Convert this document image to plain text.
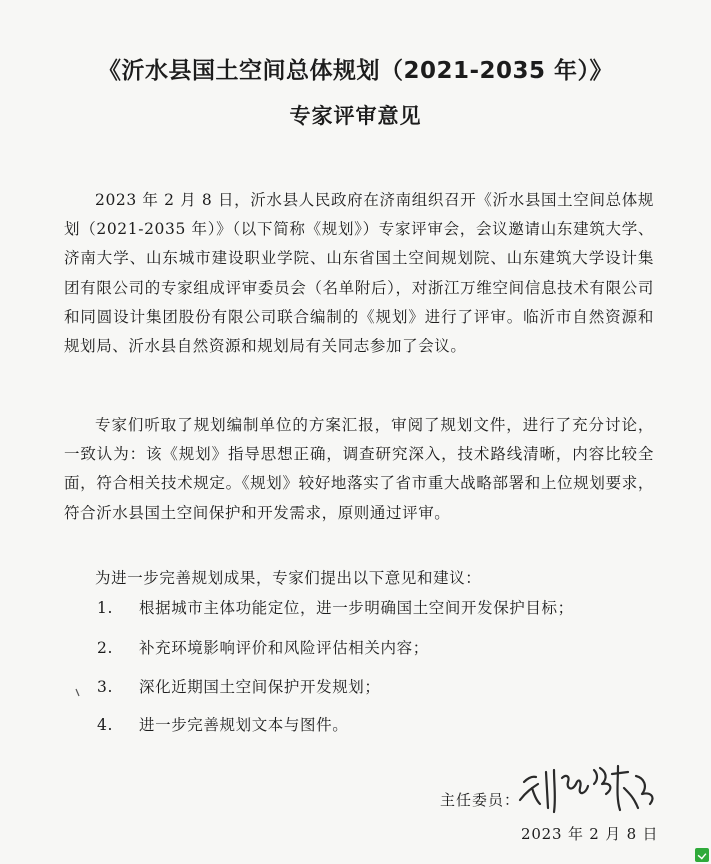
《沂水县国土空间总体规划（2021-2035 年）》
专家评审意见
2023 年 2 月 8 日，沂水县人民政府在济南组织召开《沂水县国土空间总体规划（2021-2035 年）》（以下简称《规划》）专家评审会，会议邀请山东建筑大学、济南大学、山东城市建设职业学院、山东省国土空间规划院、山东建筑大学设计集团有限公司的专家组成评审委员会（名单附后），对浙江万维空间信息技术有限公司和同圆设计集团股份有限公司联合编制的《规划》进行了评审。临沂市自然资源和规划局、沂水县自然资源和规划局有关同志参加了会议。
专家们听取了规划编制单位的方案汇报，审阅了规划文件，进行了充分讨论，一致认为：该《规划》指导思想正确，调查研究深入，技术路线清晰，内容比较全面，符合相关技术规定。《规划》较好地落实了省市重大战略部署和上位规划要求，符合沂水县国土空间保护和开发需求，原则通过评审。
为进一步完善规划成果，专家们提出以下意见和建议：
1. 根据城市主体功能定位，进一步明确国土空间开发保护目标；
2. 补充环境影响评价和风险评估相关内容；
3. 深化近期国土空间保护开发规划；
4. 进一步完善规划文本与图件。
主任委员：
2023 年 2 月 8 日
